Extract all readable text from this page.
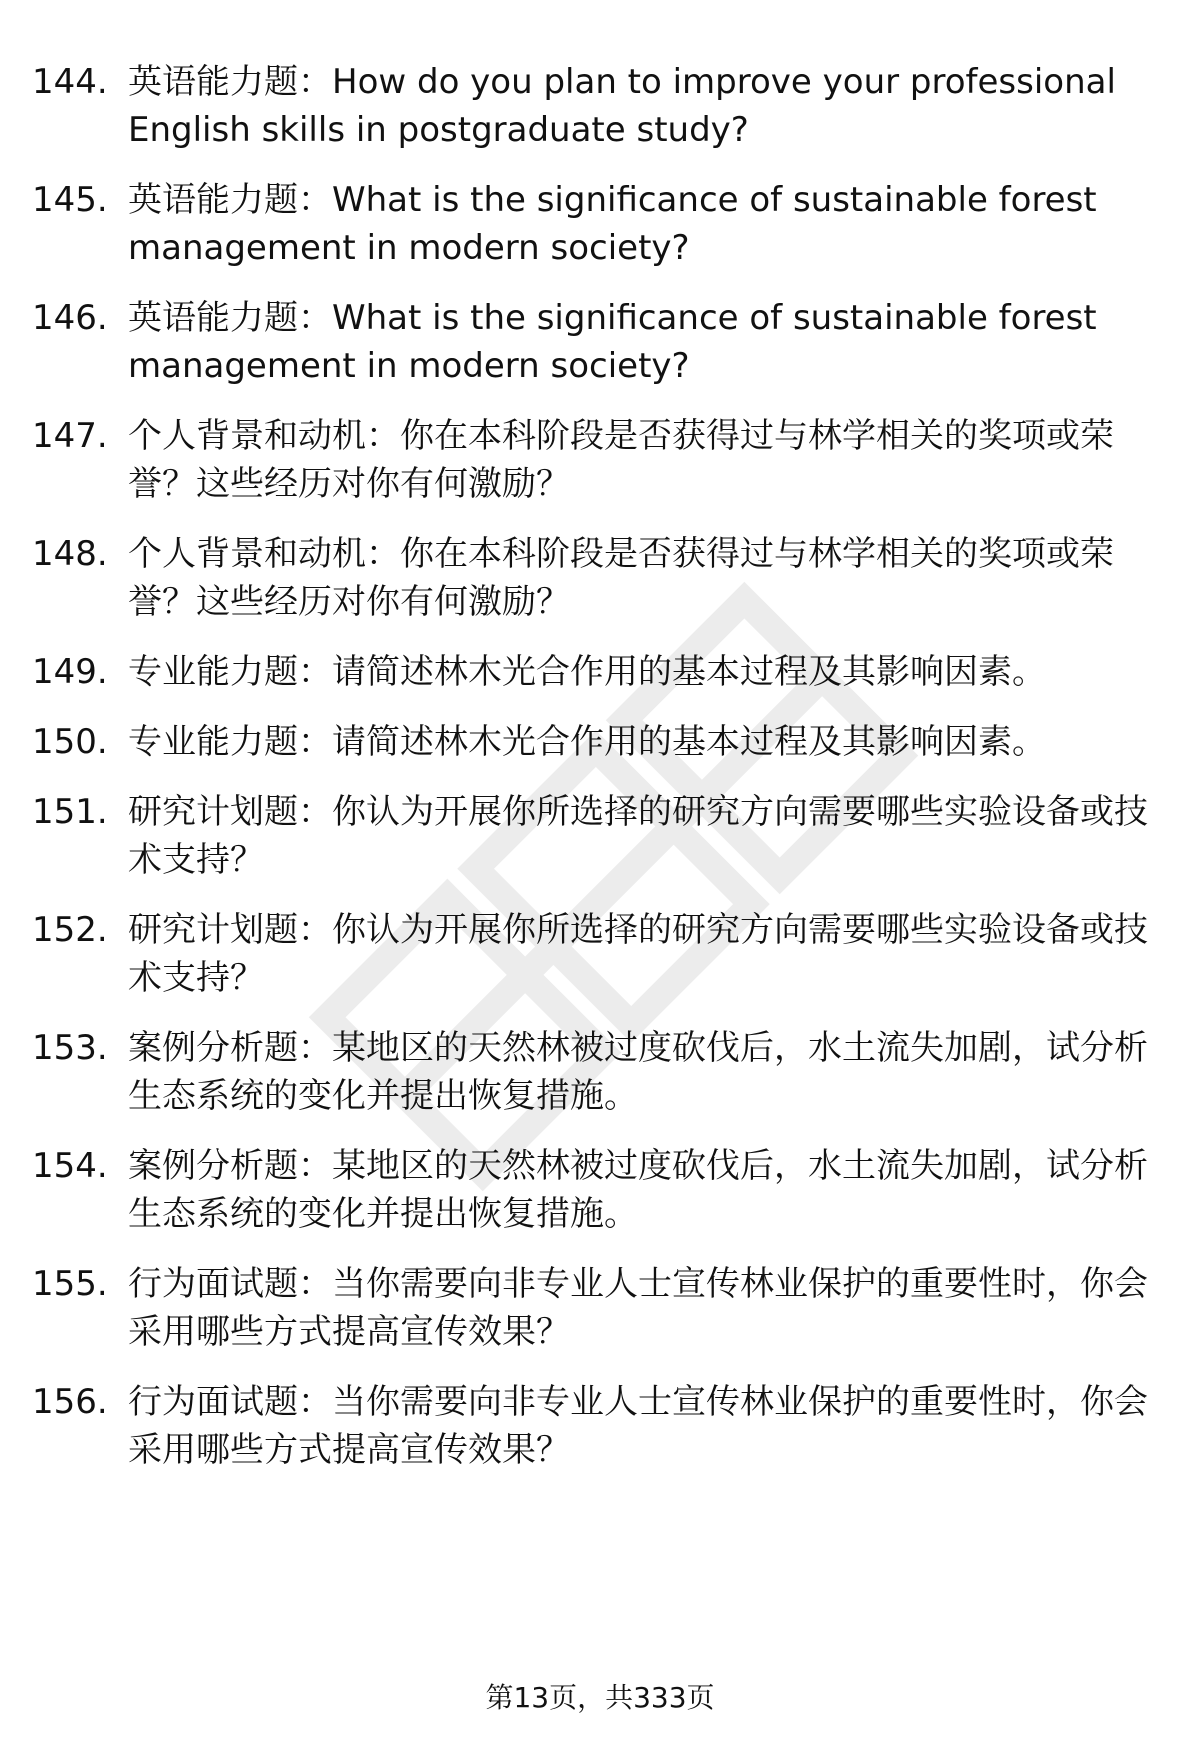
144. 英语能力题：How do you plan to improve your professional English skills in postgraduate study?
145. 英语能力题：What is the significance of sustainable forest management in modern society?
146. 英语能力题：What is the significance of sustainable forest management in modern society?
147. 个人背景和动机：你在本科阶段是否获得过与林学相关的奖项或荣誉？这些经历对你有何激励？
148. 个人背景和动机：你在本科阶段是否获得过与林学相关的奖项或荣誉？这些经历对你有何激励？
149. 专业能力题：请简述林木光合作用的基本过程及其影响因素。
150. 专业能力题：请简述林木光合作用的基本过程及其影响因素。
151. 研究计划题：你认为开展你所选择的研究方向需要哪些实验设备或技术支持？
152. 研究计划题：你认为开展你所选择的研究方向需要哪些实验设备或技术支持？
153. 案例分析题：某地区的天然林被过度砍伐后，水土流失加剧，试分析生态系统的变化并提出恢复措施。
154. 案例分析题：某地区的天然林被过度砍伐后，水土流失加剧，试分析生态系统的变化并提出恢复措施。
155. 行为面试题：当你需要向非专业人士宣传林业保护的重要性时，你会采用哪些方式提高宣传效果？
156. 行为面试题：当你需要向非专业人士宣传林业保护的重要性时，你会采用哪些方式提高宣传效果？
第13页，共333页
